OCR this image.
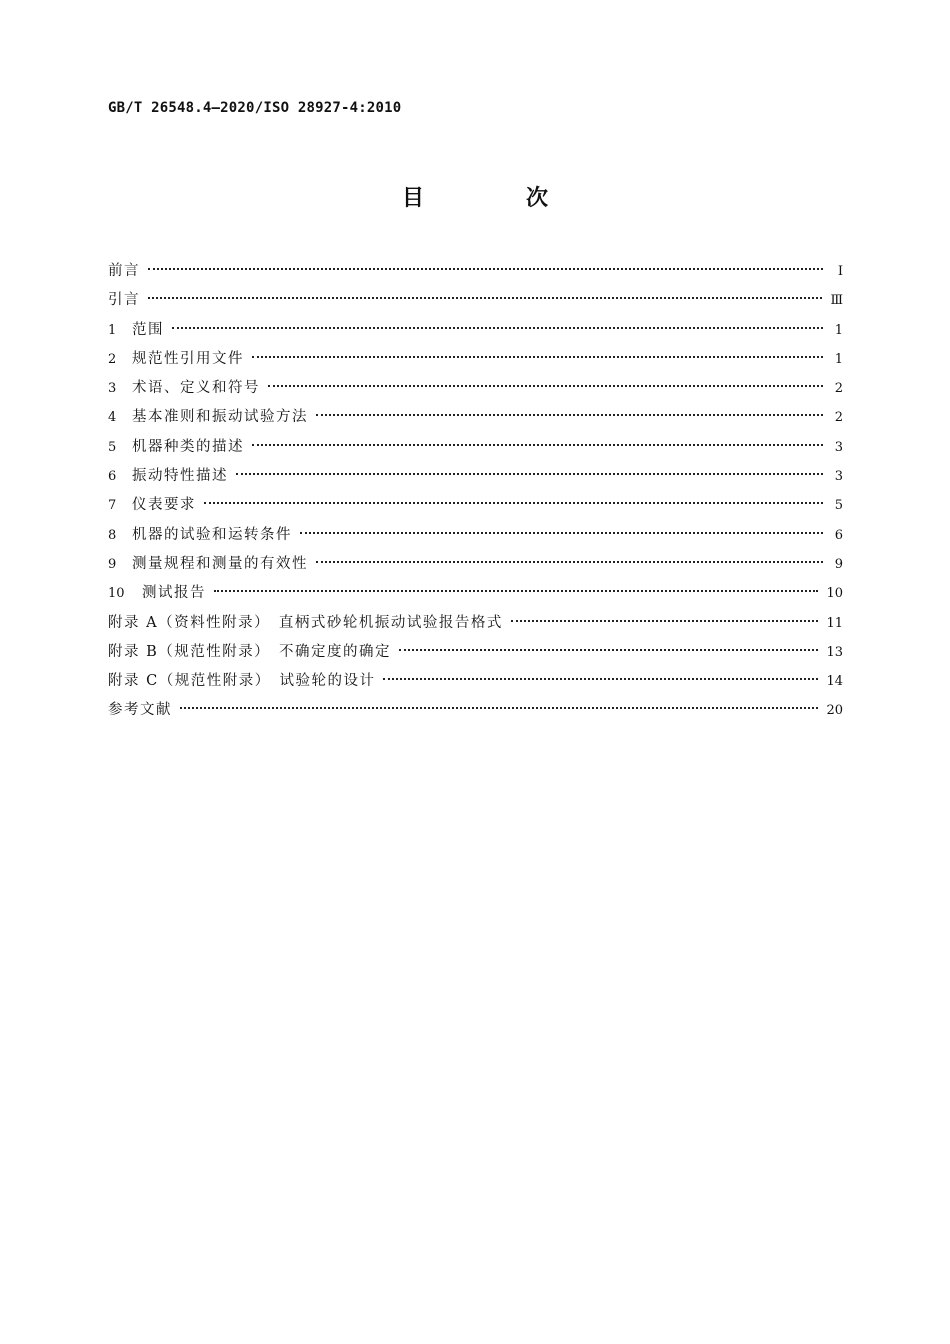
GB/T 26548.4—2020/ISO 28927-4:2010
目　次
前言	Ⅰ
引言	Ⅲ
1	范围	1
2	规范性引用文件	1
3	术语、定义和符号	2
4	基本准则和振动试验方法	2
5	机器种类的描述	3
6	振动特性描述	3
7	仪表要求	5
8	机器的试验和运转条件	6
9	测量规程和测量的有效性	9
10	测试报告	10
附录 A（资料性附录）　直柄式砂轮机振动试验报告格式	11
附录 B（规范性附录）　不确定度的确定	13
附录 C（规范性附录）　试验轮的设计	14
参考文献	20
